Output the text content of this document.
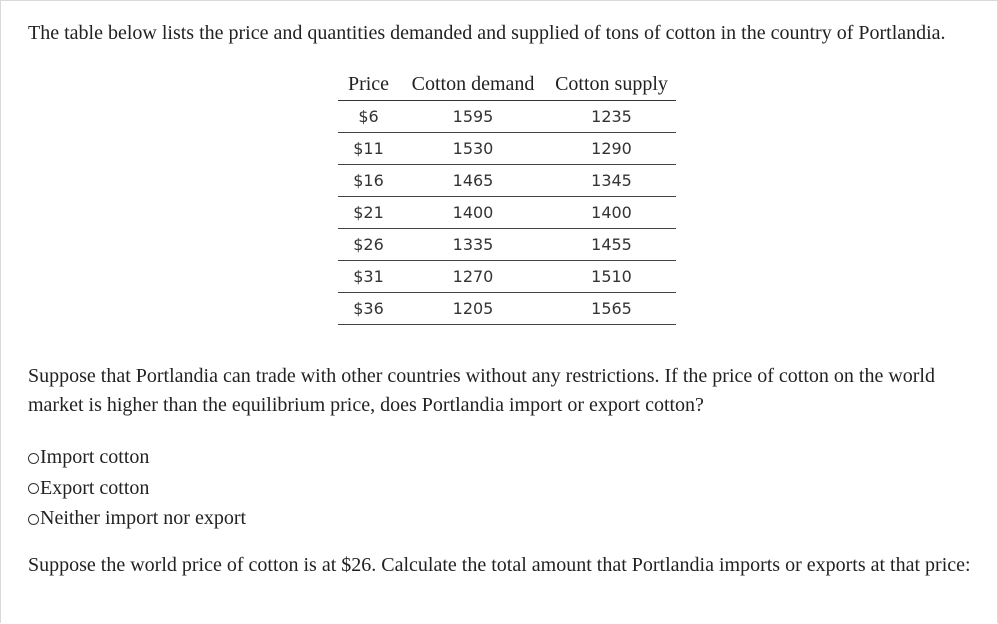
The table below lists the price and quantities demanded and supplied of tons of cotton in the country of Portlandia.
Price	Cotton demand	Cotton supply
$6	1595	1235
$11	1530	1290
$16	1465	1345
$21	1400	1400
$26	1335	1455
$31	1270	1510
$36	1205	1565
Suppose that Portlandia can trade with other countries without any restrictions. If the price of cotton on the world market is higher than the equilibrium price, does Portlandia import or export cotton?
Import cotton
Export cotton
Neither import nor export
Suppose the world price of cotton is at $26. Calculate the total amount that Portlandia imports or exports at that price:
